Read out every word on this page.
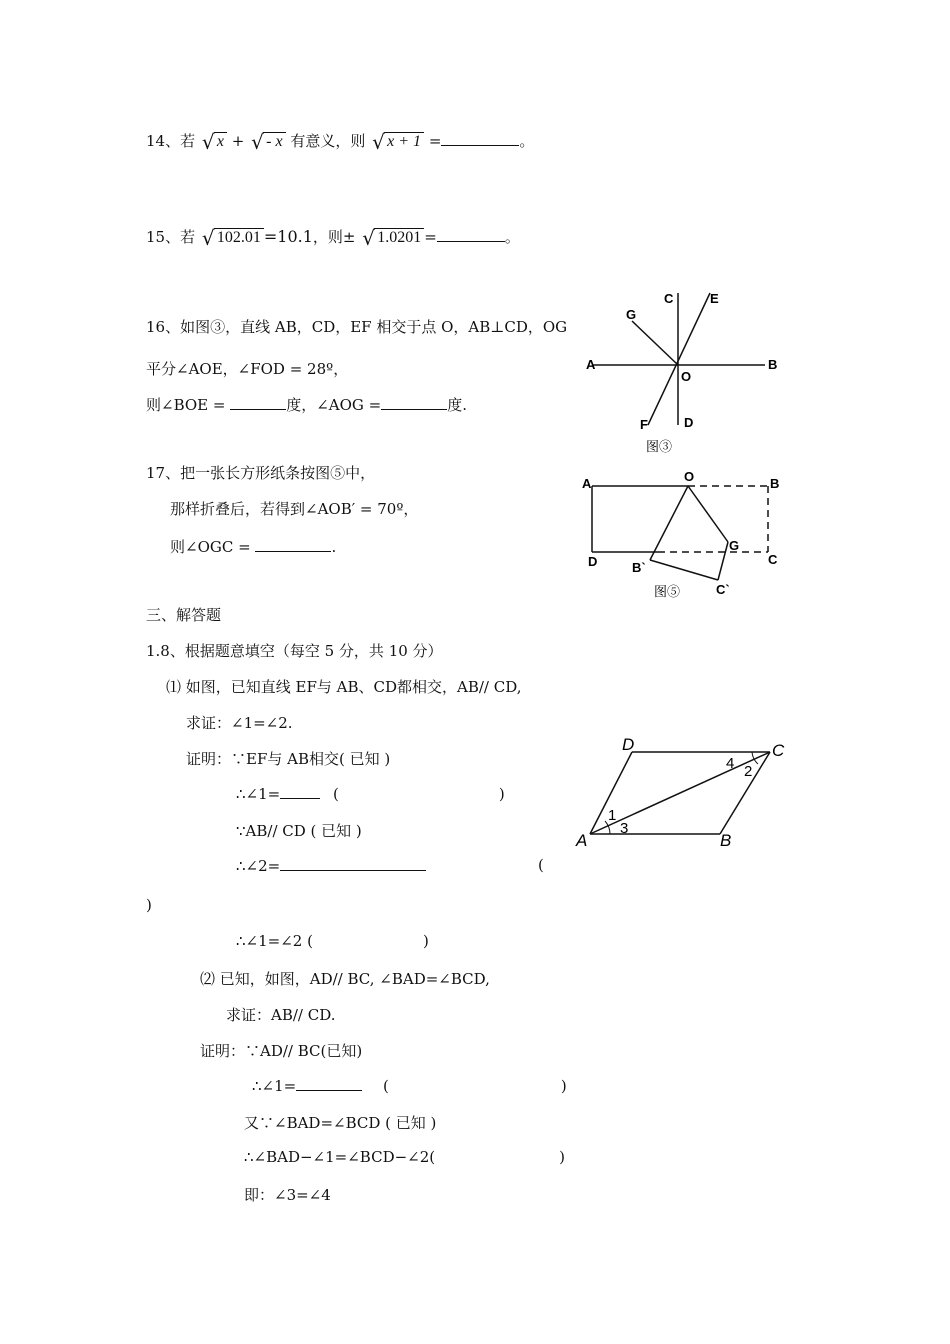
14、若 √ x + √ - x 有意义，则 √ x + 1 =	。
15、若 √ 102.01 =10.1，则± √ 1.0201 =	。
16、如图③，直线 AB，CD，EF 相交于点 O，AB⊥CD，OG
平分∠AOE，∠FOD = 28º，
则∠BOE =	度，∠AOG =	度.
C	E
G
A
O
B
F	D
图③
17、把一张长方形纸条按图⑤中，
那样折叠后，若得到∠AOB′ = 70º，
则∠OGC =	.
A	O	B
G
C
D	B`
C`
图⑤
三、解答题
1.8、根据题意填空（每空 5 分，共 10 分）
⑴ 如图，已知直线 EF与 AB、CD都相交，AB// CD,
求证：∠1=∠2.
证明：∵EF与 AB相交( 已知 )
∴∠1=	(	)
∵AB// CD ( 已知 )
∴∠2=	(
)
∴∠1=∠2 (	)
D	C
4 2
1
3
A	B
⑵ 已知，如图，AD// BC, ∠BAD=∠BCD,
求证：AB// CD.
证明：∵AD// BC(已知)
∴∠1=	(	)
又∵∠BAD=∠BCD ( 已知 )
∴∠BAD−∠1=∠BCD−∠2(	)
即：∠3=∠4
